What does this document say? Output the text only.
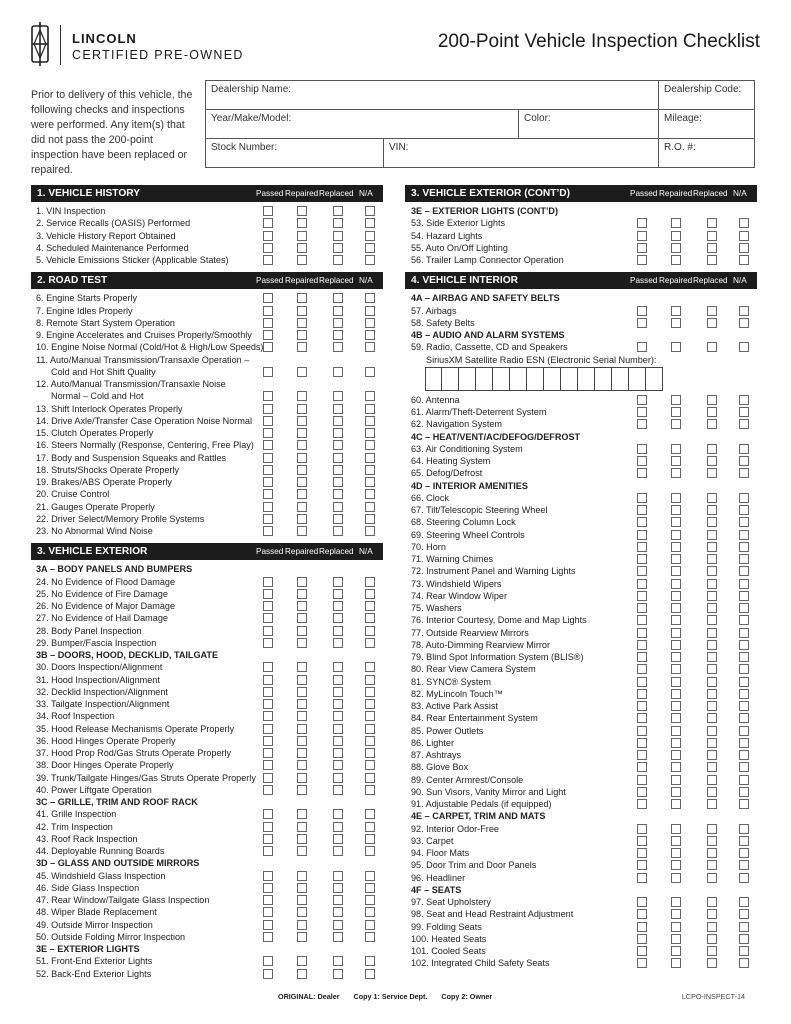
LINCOLN
CERTIFIED PRE-OWNED
200-Point Vehicle Inspection Checklist
Prior to delivery of this vehicle, the following checks and inspections were performed. Any item(s) that did not pass the 200-point inspection have been replaced or repaired.
Dealership Name:			Dealership Code:
Year/Make/Model:		Color:	Mileage:
Stock Number:	VIN:		R.O. #:
1. VEHICLE HISTORY	Passed Repaired Replaced N/A
1. VIN Inspection
2. Service Recalls (OASIS) Performed
3. Vehicle History Report Obtained
4. Scheduled Maintenance Performed
5. Vehicle Emissions Sticker (Applicable States)
2. ROAD TEST	Passed Repaired Replaced N/A
6. Engine Starts Properly
7. Engine Idles Properly
8. Remote Start System Operation
9. Engine Accelerates and Cruises Properly/Smoothly
10. Engine Noise Normal (Cold/Hot & High/Low Speeds)
11. Auto/Manual Transmission/Transaxle Operation –
Cold and Hot Shift Quality
12. Auto/Manual Transmission/Transaxle Noise
Normal – Cold and Hot
13. Shift Interlock Operates Properly
14. Drive Axle/Transfer Case Operation Noise Normal
15. Clutch Operates Properly
16. Steers Normally (Response, Centering, Free Play)
17. Body and Suspension Squeaks and Rattles
18. Struts/Shocks Operate Properly
19. Brakes/ABS Operate Properly
20. Cruise Control
21. Gauges Operate Properly
22. Driver Select/Memory Profile Systems
23. No Abnormal Wind Noise
3. VEHICLE EXTERIOR	Passed Repaired Replaced N/A
3A – BODY PANELS AND BUMPERS
24. No Evidence of Flood Damage
25. No Evidence of Fire Damage
26. No Evidence of Major Damage
27. No Evidence of Hail Damage
28. Body Panel Inspection
29. Bumper/Fascia Inspection
3B – DOORS, HOOD, DECKLID, TAILGATE
30. Doors Inspection/Alignment
31. Hood Inspection/Alignment
32. Decklid Inspection/Alignment
33. Tailgate Inspection/Alignment
34. Roof Inspection
35. Hood Release Mechanisms Operate Properly
36. Hood Hinges Operate Properly
37. Hood Prop Rod/Gas Struts Operate Properly
38. Door Hinges Operate Properly
39. Trunk/Tailgate Hinges/Gas Struts Operate Properly
40. Power Liftgate Operation
3C – GRILLE, TRIM AND ROOF RACK
41. Grille Inspection
42. Trim Inspection
43. Roof Rack Inspection
44. Deployable Running Boards
3D – GLASS AND OUTSIDE MIRRORS
45. Windshield Glass Inspection
46. Side Glass Inspection
47. Rear Window/Tailgate Glass Inspection
48. Wiper Blade Replacement
49. Outside Mirror Inspection
50. Outside Folding Mirror Inspection
3E – EXTERIOR LIGHTS
51. Front-End Exterior Lights
52. Back-End Exterior Lights
3. VEHICLE EXTERIOR (CONT’D)	Passed Repaired Replaced N/A
3E – EXTERIOR LIGHTS (CONT’D)
53. Side Exterior Lights
54. Hazard Lights
55. Auto On/Off Lighting
56. Trailer Lamp Connector Operation
4. VEHICLE INTERIOR	Passed Repaired Replaced N/A
4A – AIRBAG AND SAFETY BELTS
57. Airbags
58. Safety Belts
4B – AUDIO AND ALARM SYSTEMS
59. Radio, Cassette, CD and Speakers
SiriusXM Satellite Radio ESN (Electronic Serial Number):
60. Antenna
61. Alarm/Theft-Deterrent System
62. Navigation System
4C – HEAT/VENT/AC/DEFOG/DEFROST
63. Air Conditioning System
64. Heating System
65. Defog/Defrost
4D – INTERIOR AMENITIES
66. Clock
67. Tilt/Telescopic Steering Wheel
68. Steering Column Lock
69. Steering Wheel Controls
70. Horn
71. Warning Chimes
72. Instrument Panel and Warning Lights
73. Windshield Wipers
74. Rear Window Wiper
75. Washers
76. Interior Courtesy, Dome and Map Lights
77. Outside Rearview Mirrors
78. Auto-Dimming Rearview Mirror
79. Blind Spot Information System (BLIS®)
80. Rear View Camera System
81. SYNC® System
82. MyLincoln Touch™
83. Active Park Assist
84. Rear Entertainment System
85. Power Outlets
86. Lighter
87. Ashtrays
88. Glove Box
89. Center Armrest/Console
90. Sun Visors, Vanity Mirror and Light
91. Adjustable Pedals (if equipped)
4E – CARPET, TRIM AND MATS
92. Interior Odor-Free
93. Carpet
94. Floor Mats
95. Door Trim and Door Panels
96. Headliner
4F – SEATS
97. Seat Upholstery
98. Seat and Head Restraint Adjustment
99. Folding Seats
100. Heated Seats
101. Cooled Seats
102. Integrated Child Safety Seats
ORIGINAL: Dealer Copy 1: Service Dept. Copy 2: Owner	LCPO-INSPECT-14
